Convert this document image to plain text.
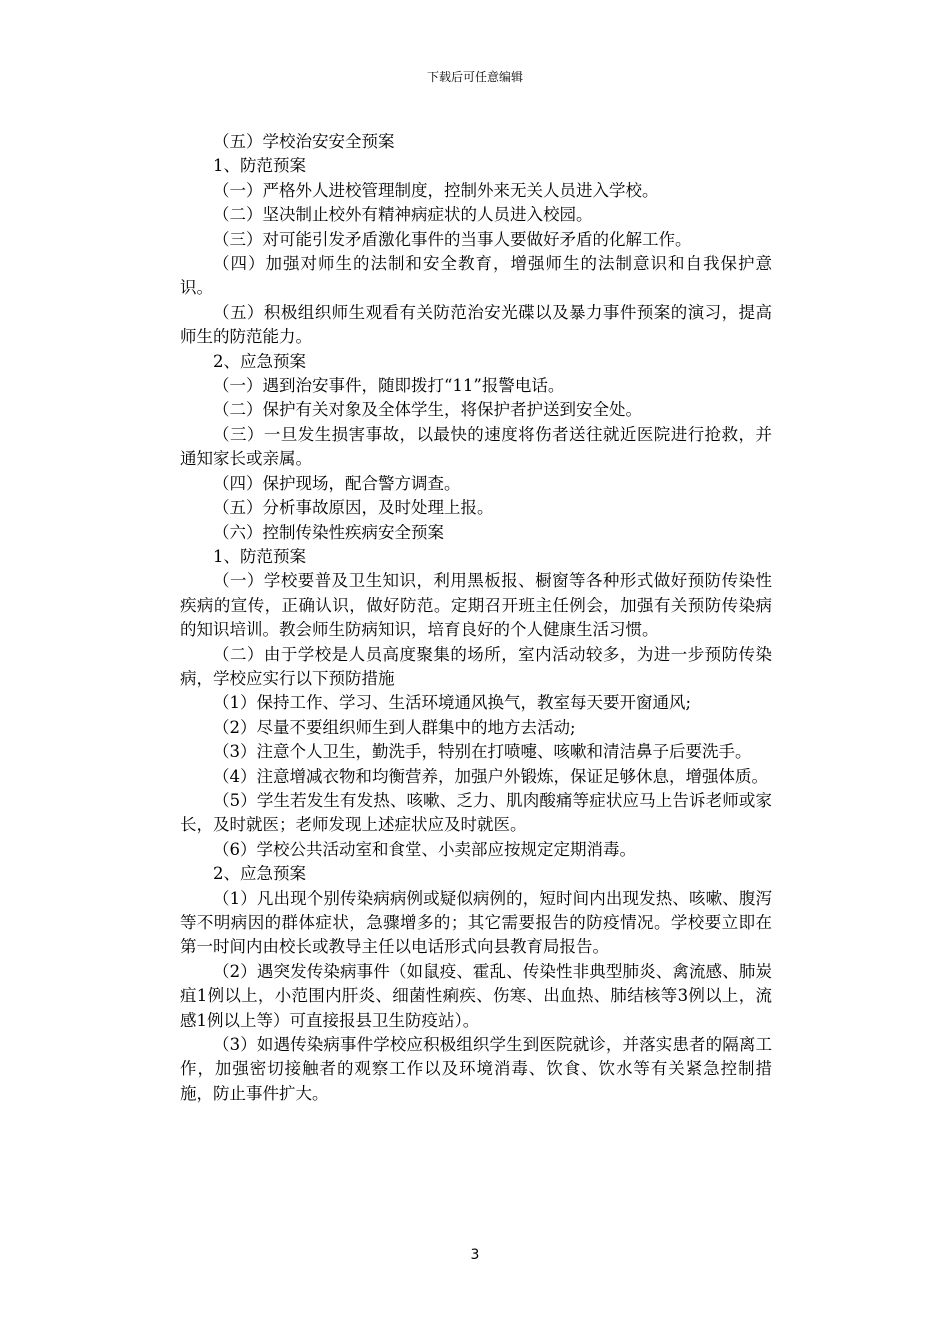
下载后可任意编辑

（五）学校治安安全预案

1、防范预案

（一）严格外人进校管理制度，控制外来无关人员进入学校。

（二）坚决制止校外有精神病症状的人员进入校园。

（三）对可能引发矛盾激化事件的当事人要做好矛盾的化解工作。

（四）加强对师生的法制和安全教育，增强师生的法制意识和自我保护意识。

（五）积极组织师生观看有关防范治安光碟以及暴力事件预案的演习，提高师生的防范能力。

2、应急预案

（一）遇到治安事件，随即拨打“11”报警电话。

（二）保护有关对象及全体学生，将保护者护送到安全处。

（三）一旦发生损害事故，以最快的速度将伤者送往就近医院进行抢救，并通知家长或亲属。

（四）保护现场，配合警方调查。

（五）分析事故原因，及时处理上报。

（六）控制传染性疾病安全预案

1、防范预案

（一）学校要普及卫生知识，利用黑板报、橱窗等各种形式做好预防传染性疾病的宣传，正确认识，做好防范。定期召开班主任例会，加强有关预防传染病的知识培训。教会师生防病知识，培育良好的个人健康生活习惯。

（二）由于学校是人员高度聚集的场所，室内活动较多，为进一步预防传染病，学校应实行以下预防措施

（1）保持工作、学习、生活环境通风换气，教室每天要开窗通风;

（2）尽量不要组织师生到人群集中的地方去活动;

（3）注意个人卫生，勤洗手，特别在打喷嚏、咳嗽和清洁鼻子后要洗手。

（4）注意增减衣物和均衡营养，加强户外锻炼，保证足够休息，增强体质。

（5）学生若发生有发热、咳嗽、乏力、肌肉酸痛等症状应马上告诉老师或家长，及时就医；老师发现上述症状应及时就医。

（6）学校公共活动室和食堂、小卖部应按规定定期消毒。

2、应急预案

（1）凡出现个别传染病病例或疑似病例的，短时间内出现发热、咳嗽、腹泻等不明病因的群体症状，急骤增多的；其它需要报告的防疫情况。学校要立即在第一时间内由校长或教导主任以电话形式向县教育局报告。

（2）遇突发传染病事件（如鼠疫、霍乱、传染性非典型肺炎、禽流感、肺炭疽1例以上，小范围内肝炎、细菌性痢疾、伤寒、出血热、肺结核等3例以上，流感1例以上等）可直接报县卫生防疫站）。

（3）如遇传染病事件学校应积极组织学生到医院就诊，并落实患者的隔离工作，加强密切接触者的观察工作以及环境消毒、饮食、饮水等有关紧急控制措施，防止事件扩大。

3
